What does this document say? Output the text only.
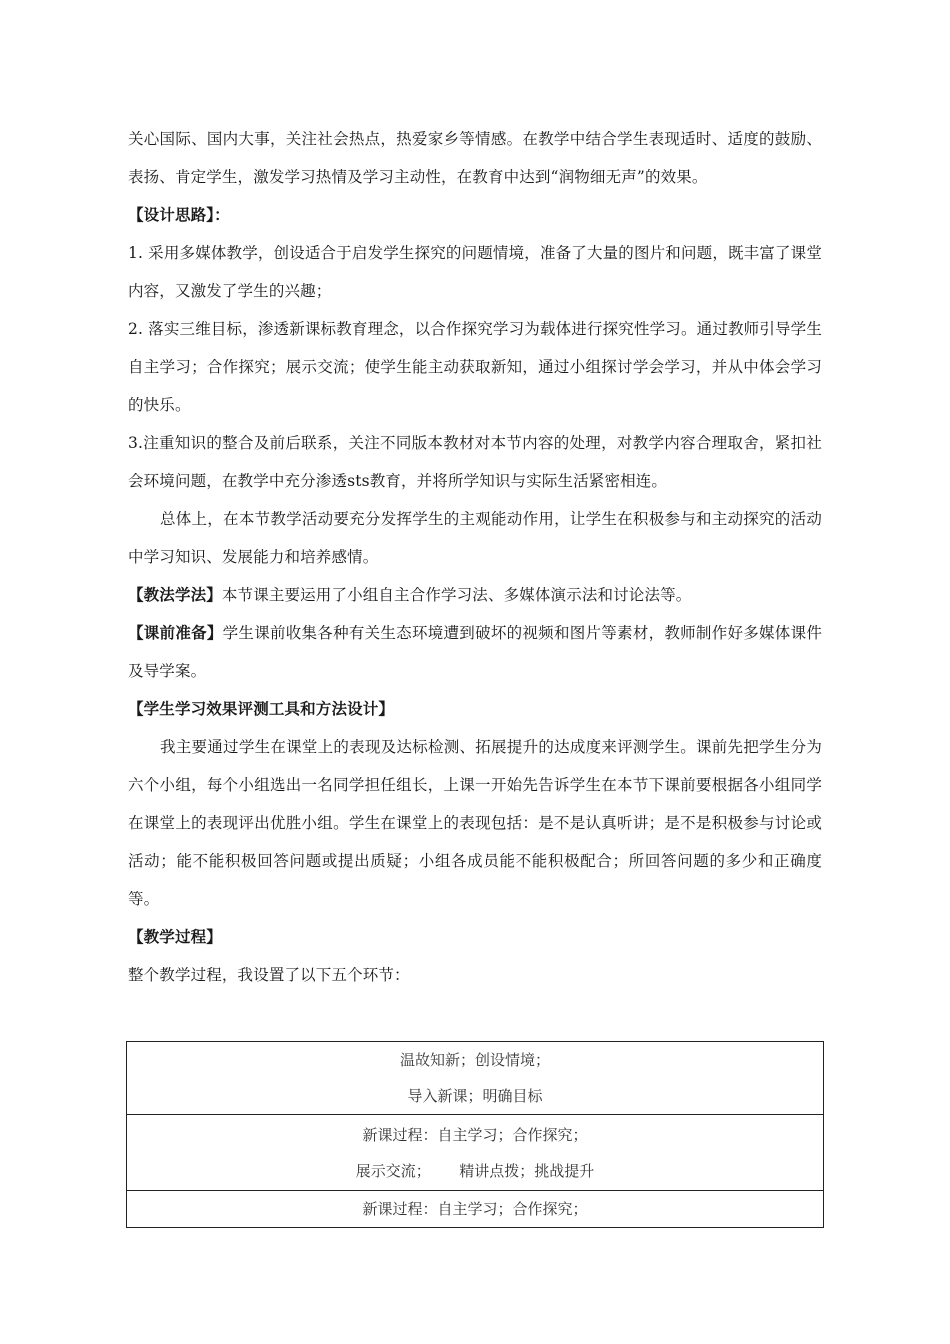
关心国际、国内大事，关注社会热点，热爱家乡等情感。在教学中结合学生表现适时、适度的鼓励、表扬、肯定学生，激发学习热情及学习主动性，在教育中达到“润物细无声”的效果。

【设计思路】：

1. 采用多媒体教学，创设适合于启发学生探究的问题情境，准备了大量的图片和问题，既丰富了课堂内容，又激发了学生的兴趣；

2. 落实三维目标，渗透新课标教育理念，以合作探究学习为载体进行探究性学习。通过教师引导学生自主学习；合作探究；展示交流；使学生能主动获取新知，通过小组探讨学会学习，并从中体会学习的快乐。

3.注重知识的整合及前后联系，关注不同版本教材对本节内容的处理，对教学内容合理取舍，紧扣社会环境问题，在教学中充分渗透sts教育，并将所学知识与实际生活紧密相连。

总体上，在本节教学活动要充分发挥学生的主观能动作用，让学生在积极参与和主动探究的活动中学习知识、发展能力和培养感情。

【教法学法】本节课主要运用了小组自主合作学习法、多媒体演示法和讨论法等。

【课前准备】学生课前收集各种有关生态环境遭到破坏的视频和图片等素材，教师制作好多媒体课件及导学案。

【学生学习效果评测工具和方法设计】

我主要通过学生在课堂上的表现及达标检测、拓展提升的达成度来评测学生。课前先把学生分为六个小组，每个小组选出一名同学担任组长，上课一开始先告诉学生在本节下课前要根据各小组同学在课堂上的表现评出优胜小组。学生在课堂上的表现包括：是不是认真听讲；是不是积极参与讨论或活动；能不能积极回答问题或提出质疑；小组各成员能不能积极配合；所回答问题的多少和正确度等。

【教学过程】

整个教学过程，我设置了以下五个环节：

温故知新；创设情境；
导入新课；明确目标

新课过程：自主学习；合作探究；
展示交流；      精讲点拨；挑战提升

新课过程：自主学习；合作探究；
